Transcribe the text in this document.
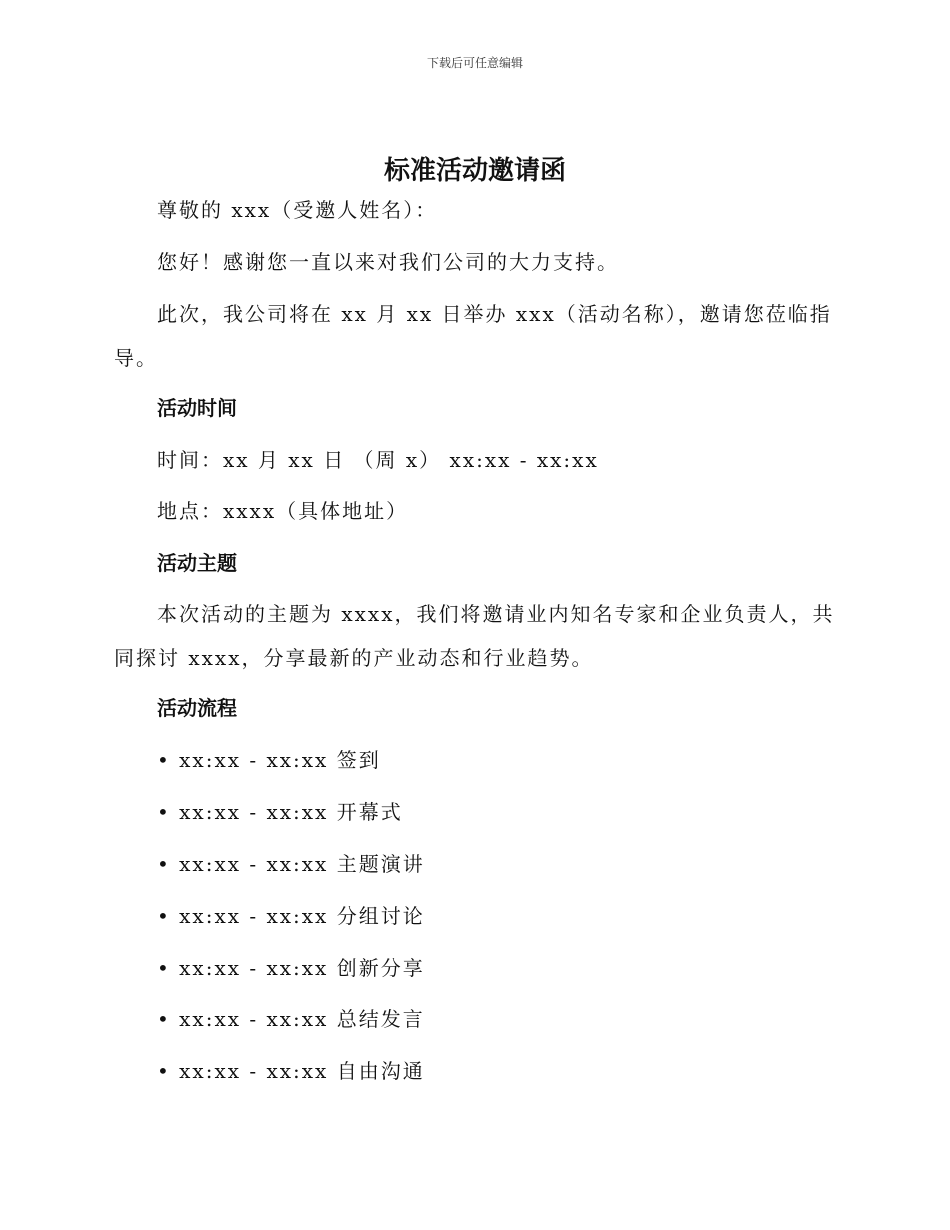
下载后可任意编辑
标准活动邀请函
尊敬的 xxx（受邀人姓名）：
您好！感谢您一直以来对我们公司的大力支持。
此次，我公司将在 xx 月 xx 日举办 xxx（活动名称），邀请您莅临指导。
活动时间
时间：xx 月 xx 日 （周 x） xx:xx - xx:xx
地点：xxxx（具体地址）
活动主题
本次活动的主题为 xxxx，我们将邀请业内知名专家和企业负责人，共同探讨 xxxx，分享最新的产业动态和行业趋势。
活动流程
• xx:xx - xx:xx 签到
• xx:xx - xx:xx 开幕式
• xx:xx - xx:xx 主题演讲
• xx:xx - xx:xx 分组讨论
• xx:xx - xx:xx 创新分享
• xx:xx - xx:xx 总结发言
• xx:xx - xx:xx 自由沟通
